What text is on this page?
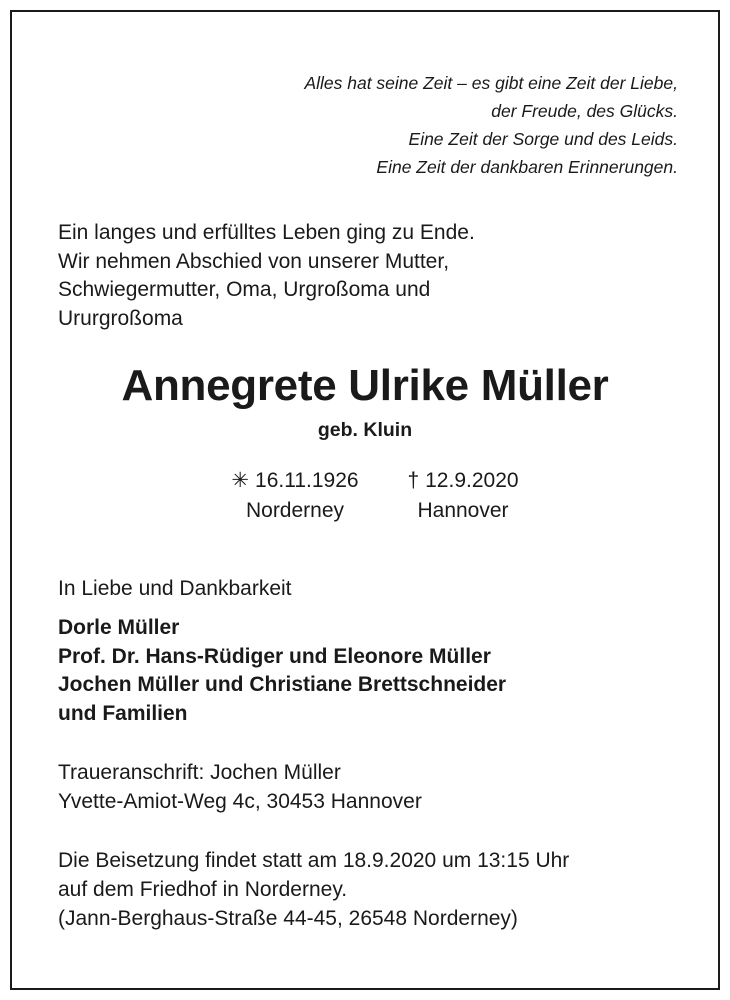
Alles hat seine Zeit – es gibt eine Zeit der Liebe,
der Freude, des Glücks.
Eine Zeit der Sorge und des Leids.
Eine Zeit der dankbaren Erinnerungen.
Ein langes und erfülltes Leben ging zu Ende.
Wir nehmen Abschied von unserer Mutter,
Schwiegermutter, Oma, Urgroßoma und
Ururgroßoma
Annegrete Ulrike Müller
geb. Kluin
✳ 16.11.1926
Norderney
† 12.9.2020
Hannover
In Liebe und Dankbarkeit
Dorle Müller
Prof. Dr. Hans-Rüdiger und Eleonore Müller
Jochen Müller und Christiane Brettschneider
und Familien
Traueranschrift: Jochen Müller
Yvette-Amiot-Weg 4c, 30453 Hannover
Die Beisetzung findet statt am 18.9.2020 um 13:15 Uhr
auf dem Friedhof in Norderney.
(Jann-Berghaus-Straße 44-45, 26548 Norderney)
